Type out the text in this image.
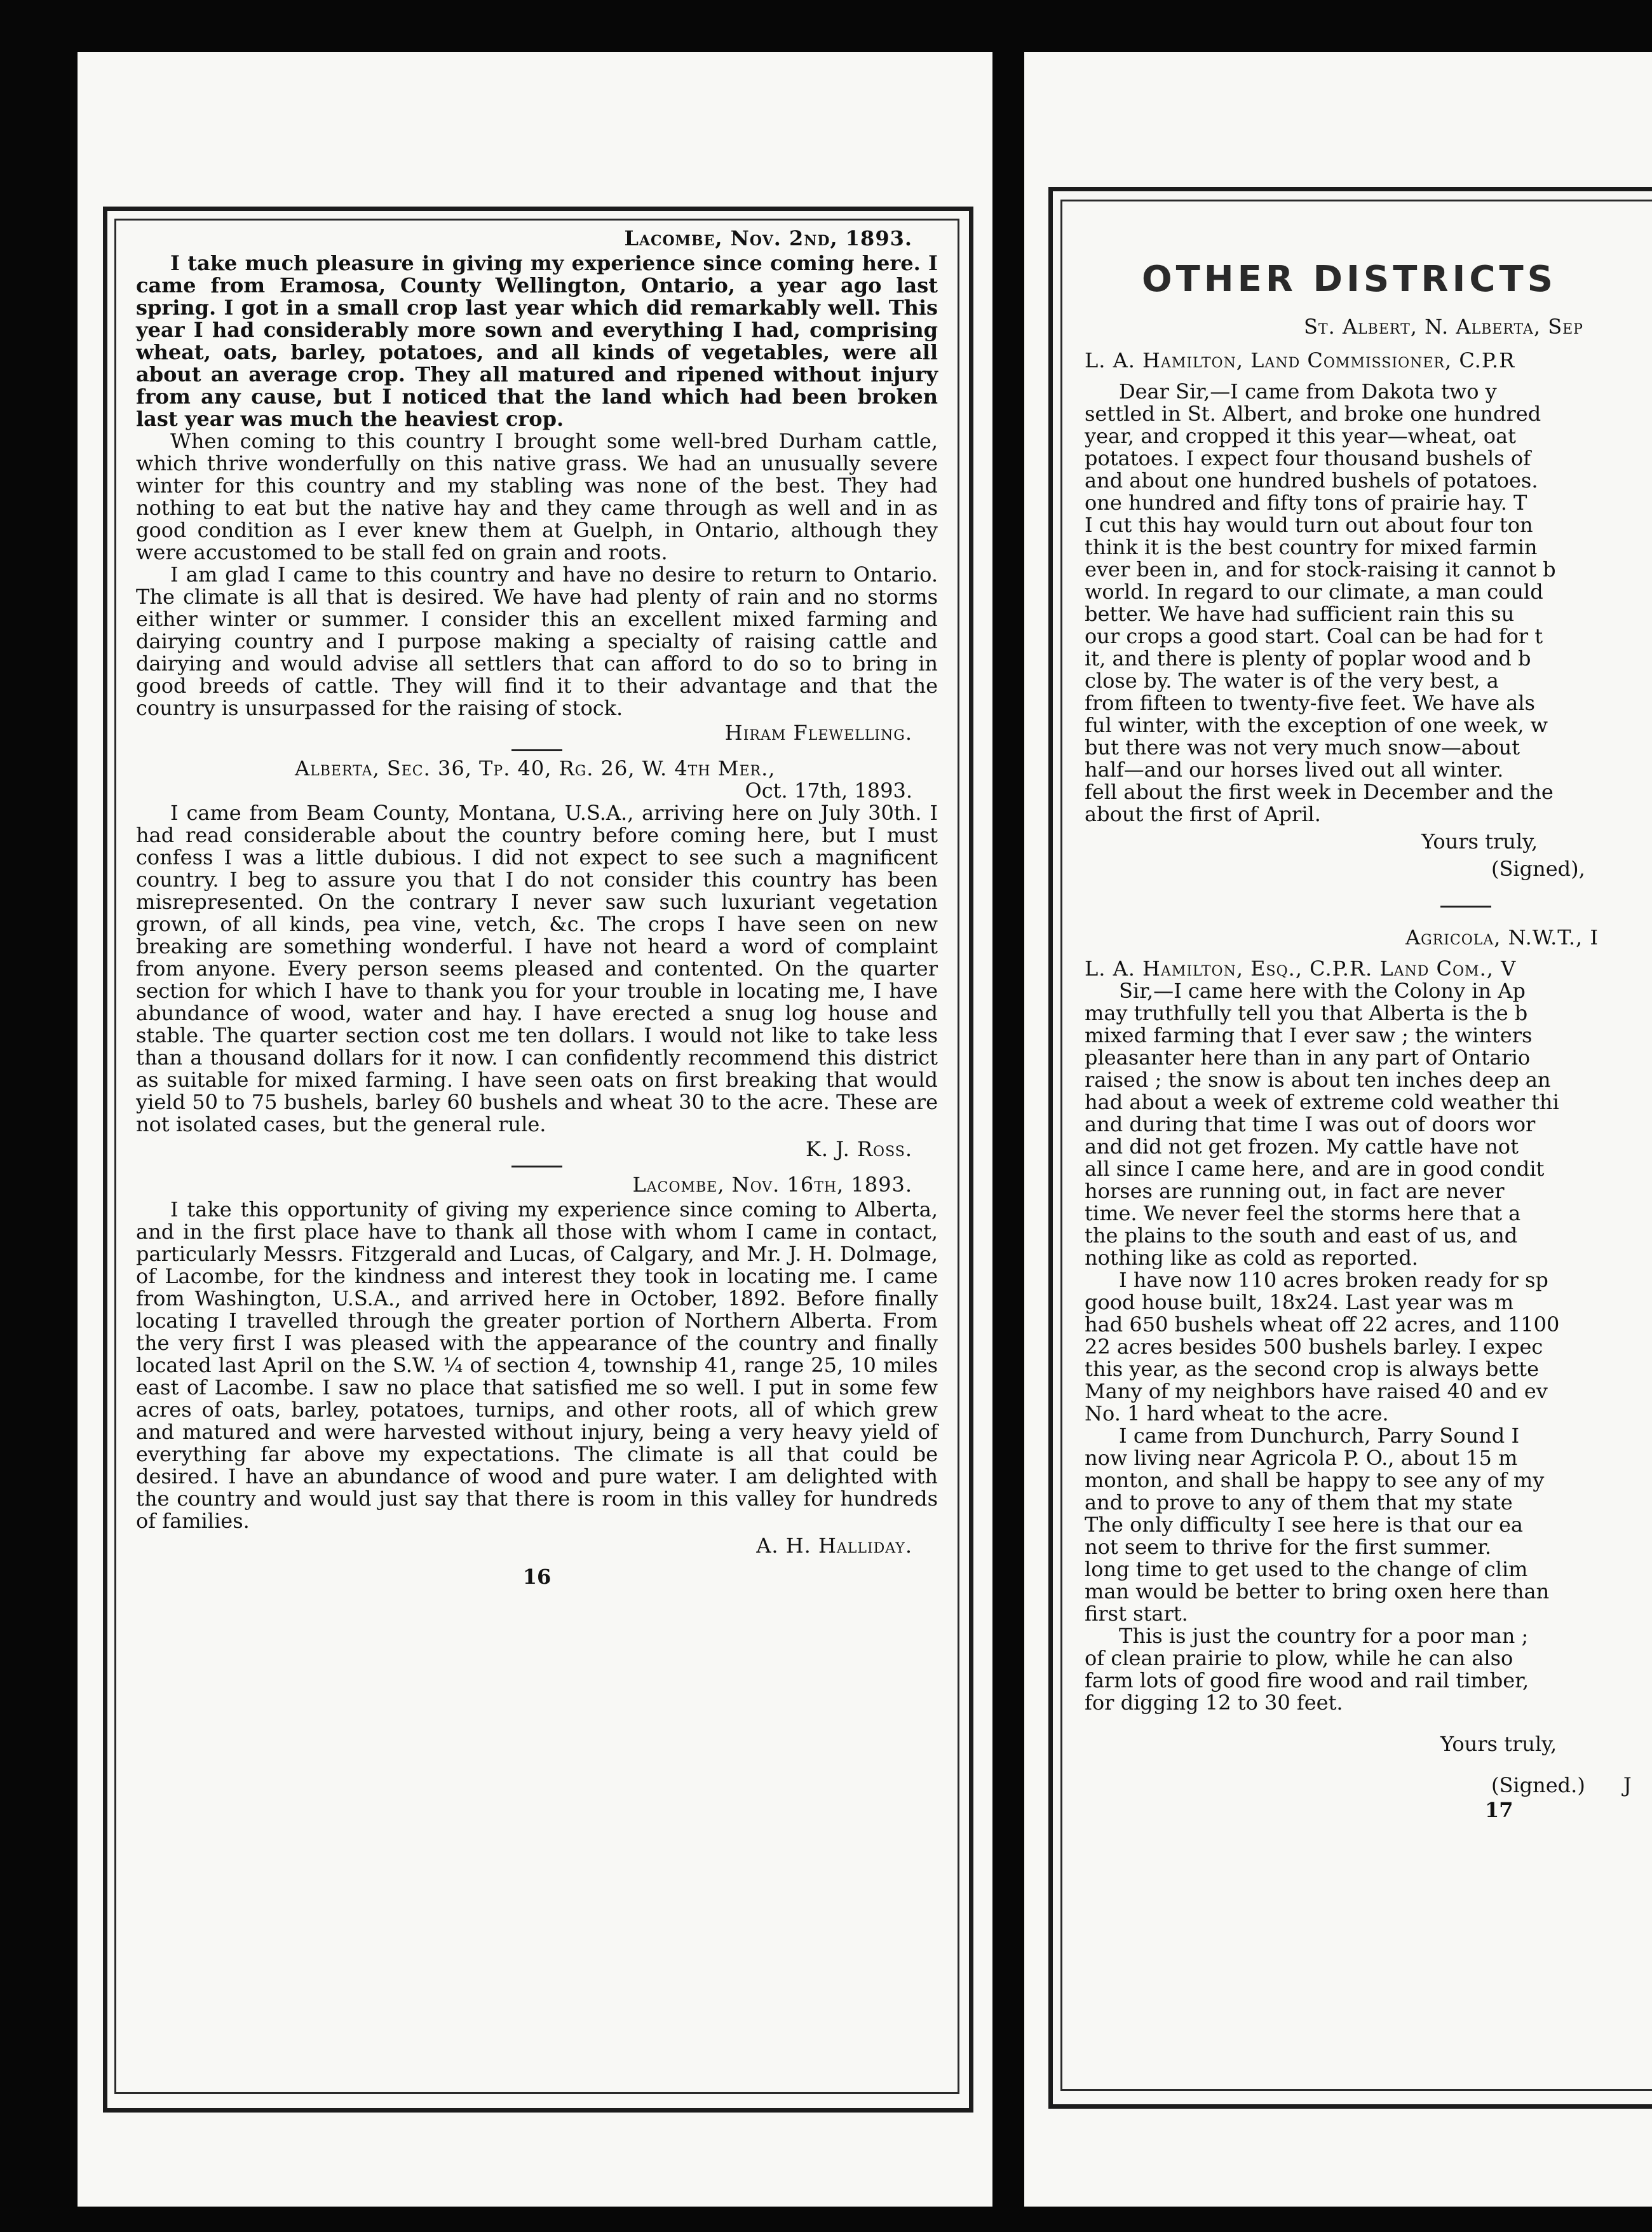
Lacombe, Nov. 2nd, 1893.

I take much pleasure in giving my experience since coming here. I came from Eramosa, County Wellington, Ontario, a year ago last spring. I got in a small crop last year which did remarkably well. This year I had considerably more sown and everything I had, comprising wheat, oats, barley, potatoes, and all kinds of vegetables, were all about an average crop. They all matured and ripened without injury from any cause, but I noticed that the land which had been broken last year was much the heaviest crop.

When coming to this country I brought some well-bred Durham cattle, which thrive wonderfully on this native grass. We had an unusually severe winter for this country and my stabling was none of the best. They had nothing to eat but the native hay and they came through as well and in as good condition as I ever knew them at Guelph, in Ontario, although they were accustomed to be stall fed on grain and roots.

I am glad I came to this country and have no desire to return to Ontario. The climate is all that is desired. We have had plenty of rain and no storms either winter or summer. I consider this an excellent mixed farming and dairying country and I purpose making a specialty of raising cattle and dairying and would advise all settlers that can afford to do so to bring in good breeds of cattle. They will find it to their advantage and that the country is unsurpassed for the raising of stock.

Hiram Flewelling.

Alberta, Sec. 36, Tp. 40, Rg. 26, W. 4th Mer.,

Oct. 17th, 1893.

I came from Beam County, Montana, U.S.A., arriving here on July 30th. I had read considerable about the country before coming here, but I must confess I was a little dubious. I did not expect to see such a magnificent country. I beg to assure you that I do not consider this country has been misrepresented. On the contrary I never saw such luxuriant vegetation grown, of all kinds, pea vine, vetch, &c. The crops I have seen on new breaking are something wonderful. I have not heard a word of complaint from anyone. Every person seems pleased and contented. On the quarter section for which I have to thank you for your trouble in locating me, I have abundance of wood, water and hay. I have erected a snug log house and stable. The quarter section cost me ten dollars. I would not like to take less than a thousand dollars for it now. I can confidently recommend this district as suitable for mixed farming. I have seen oats on first breaking that would yield 50 to 75 bushels, barley 60 bushels and wheat 30 to the acre. These are not isolated cases, but the general rule.

K. J. Ross.

Lacombe, Nov. 16th, 1893.

I take this opportunity of giving my experience since coming to Alberta, and in the first place have to thank all those with whom I came in contact, particularly Messrs. Fitzgerald and Lucas, of Calgary, and Mr. J. H. Dolmage, of Lacombe, for the kindness and interest they took in locating me. I came from Washington, U.S.A., and arrived here in October, 1892. Before finally locating I travelled through the greater portion of Northern Alberta. From the very first I was pleased with the appearance of the country and finally located last April on the S.W. ¼ of section 4, township 41, range 25, 10 miles east of Lacombe. I saw no place that satisfied me so well. I put in some few acres of oats, barley, potatoes, turnips, and other roots, all of which grew and matured and were harvested without injury, being a very heavy yield of everything far above my expectations. The climate is all that could be desired. I have an abundance of wood and pure water. I am delighted with the country and would just say that there is room in this valley for hundreds of families.

A. H. Halliday.

16

OTHER DISTRICTS

St. Albert, N. Alberta, Sep

L. A. Hamilton, Land Commissioner, C.P.R

Dear Sir,—I came from Dakota two y
settled in St. Albert, and broke one hundred
year, and cropped it this year—wheat, oat
potatoes. I expect four thousand bushels of
and about one hundred bushels of potatoes.
one hundred and fifty tons of prairie hay. T
I cut this hay would turn out about four ton
think it is the best country for mixed farmin
ever been in, and for stock-raising it cannot b
world. In regard to our climate, a man could
better. We have had sufficient rain this su
our crops a good start. Coal can be had for t
it, and there is plenty of poplar wood and b
close by. The water is of the very best, a
from fifteen to twenty-five feet. We have als
ful winter, with the exception of one week, w
but there was not very much snow—about
half—and our horses lived out all winter.
fell about the first week in December and the
about the first of April.

Yours truly,

(Signed),

Agricola, N.W.T., I

L. A. Hamilton, Esq., C.P.R. Land Com., V

Sir,—I came here with the Colony in Ap
may truthfully tell you that Alberta is the b
mixed farming that I ever saw ; the winters
pleasanter here than in any part of Ontario
raised ; the snow is about ten inches deep an
had about a week of extreme cold weather thi
and during that time I was out of doors wor
and did not get frozen. My cattle have not
all since I came here, and are in good condit
horses are running out, in fact are never
time. We never feel the storms here that a
the plains to the south and east of us, and
nothing like as cold as reported.
I have now 110 acres broken ready for sp
good house built, 18x24. Last year was m
had 650 bushels wheat off 22 acres, and 1100
22 acres besides 500 bushels barley. I expec
this year, as the second crop is always bette
Many of my neighbors have raised 40 and ev
No. 1 hard wheat to the acre.
I came from Dunchurch, Parry Sound I
now living near Agricola P. O., about 15 m
monton, and shall be happy to see any of my
and to prove to any of them that my state
The only difficulty I see here is that our ea
not seem to thrive for the first summer.
long time to get used to the change of clim
man would be better to bring oxen here than
first start.
This is just the country for a poor man ;
of clean prairie to plow, while he can also
farm lots of good fire wood and rail timber,
for digging 12 to 30 feet.

Yours truly,

(Signed.) J

17
